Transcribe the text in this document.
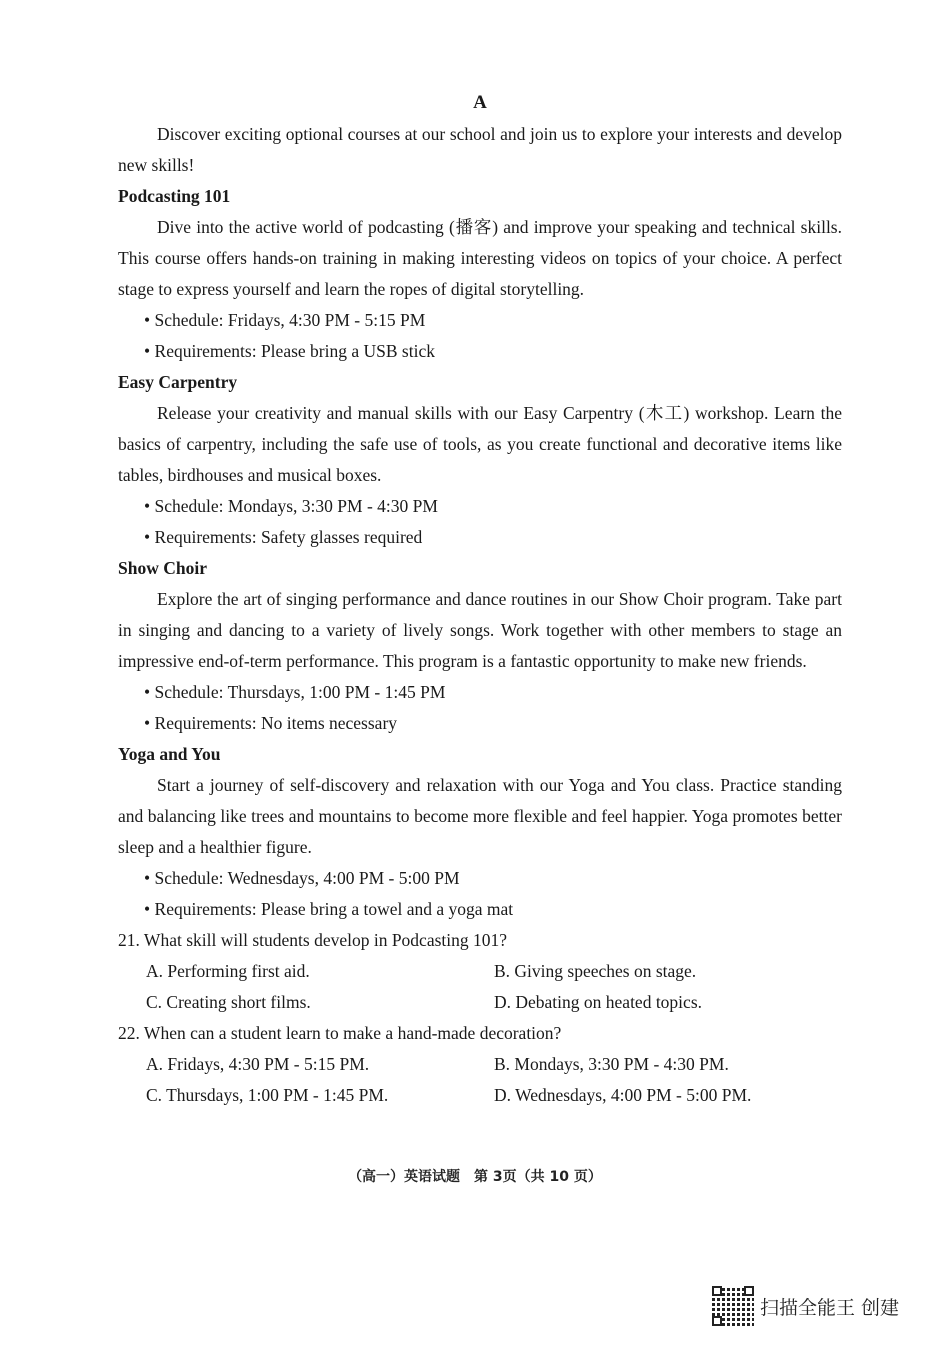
A

Discover exciting optional courses at our school and join us to explore your interests and develop new skills!

Podcasting 101

Dive into the active world of podcasting (播客) and improve your speaking and technical skills. This course offers hands-on training in making interesting videos on topics of your choice. A perfect stage to express yourself and learn the ropes of digital storytelling.

• Schedule: Fridays, 4:30 PM - 5:15 PM
• Requirements: Please bring a USB stick
Easy Carpentry

Release your creativity and manual skills with our Easy Carpentry (木工) workshop. Learn the basics of carpentry, including the safe use of tools, as you create functional and decorative items like tables, birdhouses and musical boxes.

• Schedule: Mondays, 3:30 PM - 4:30 PM
• Requirements: Safety glasses required
Show Choir

Explore the art of singing performance and dance routines in our Show Choir program. Take part in singing and dancing to a variety of lively songs. Work together with other members to stage an impressive end-of-term performance. This program is a fantastic opportunity to make new friends.

• Schedule: Thursdays, 1:00 PM - 1:45 PM
• Requirements: No items necessary
Yoga and You

Start a journey of self-discovery and relaxation with our Yoga and You class. Practice standing and balancing like trees and mountains to become more flexible and feel happier. Yoga promotes better sleep and a healthier figure.

• Schedule: Wednesdays, 4:00 PM - 5:00 PM
• Requirements: Please bring a towel and a yoga mat
21. What skill will students develop in Podcasting 101?
A. Performing first aid.	B. Giving speeches on stage.
C. Creating short films.	D. Debating on heated topics.
22. When can a student learn to make a hand-made decoration?
A. Fridays, 4:30 PM - 5:15 PM.	B. Mondays, 3:30 PM - 4:30 PM.
C. Thursdays, 1:00 PM - 1:45 PM.	D. Wednesdays, 4:00 PM - 5:00 PM.
（高一）英语试题　第 3页（共 10 页）
扫描全能王 创建
